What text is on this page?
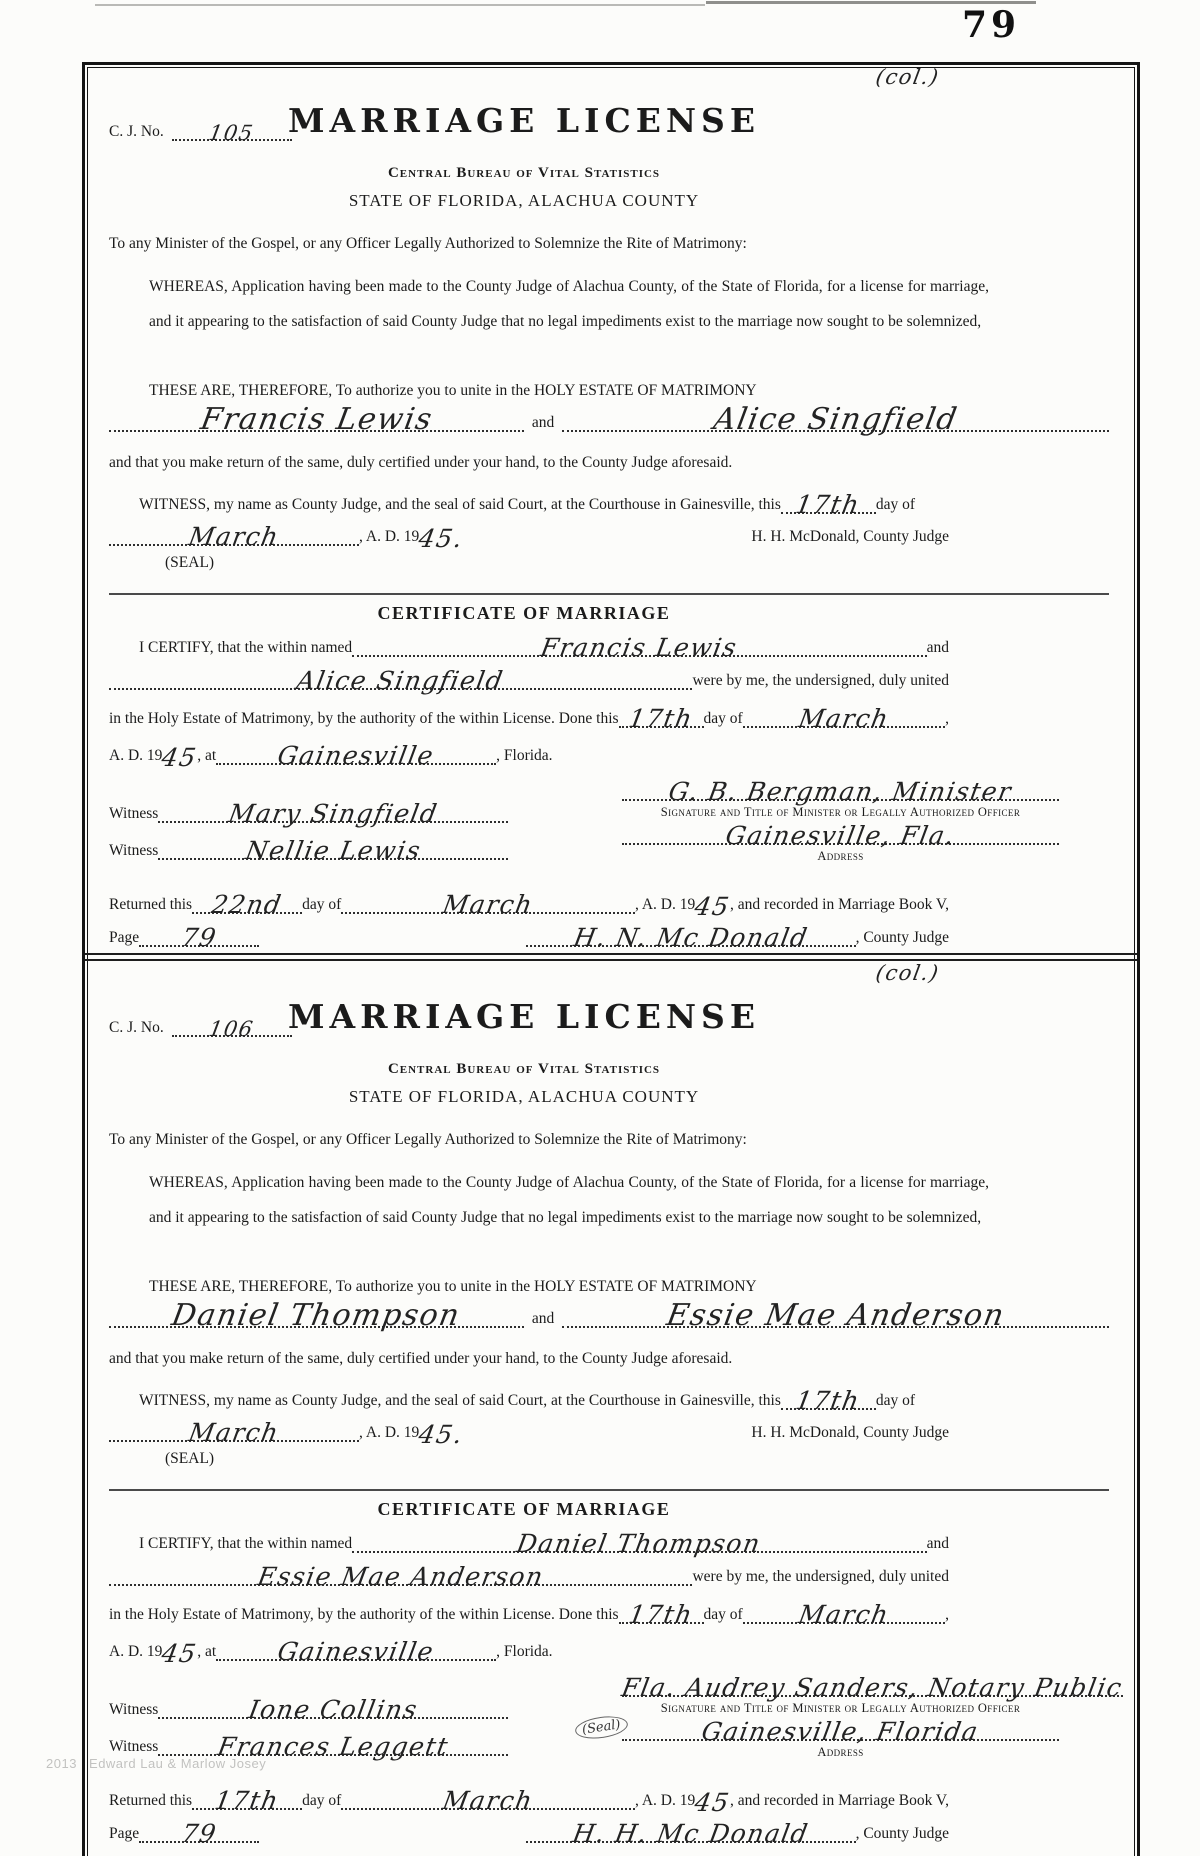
79
2013 | Edward Lau & Marlow Josey
(col.)
C. J. No. 105 MARRIAGE LICENSE
Central Bureau of Vital Statistics
STATE OF FLORIDA, ALACHUA COUNTY
To any Minister of the Gospel, or any Officer Legally Authorized to Solemnize the Rite of Matrimony:
WHEREAS, Application having been made to the County Judge of Alachua County, of the State of Florida, for a license for marriage, and it appearing to the satisfaction of said County Judge that no legal impediments exist to the marriage now sought to be solemnized,
THESE ARE, THEREFORE, To authorize you to unite in the HOLY ESTATE OF MATRIMONY
Francis Lewis	and	Alice Singfield
and that you make return of the same, duly certified under your hand, to the County Judge aforesaid.
WITNESS, my name as County Judge, and the seal of said Court, at the Courthouse in Gainesville, this 17th day of
March	, A. D. 19
45.	H. H. McDonald, County Judge
(SEAL)
CERTIFICATE OF MARRIAGE
I CERTIFY, that the within named	Francis Lewis	and
Alice Singfield	were by me, the undersigned, duly united
in the Holy Estate of Matrimony, by the authority of the within License. Done this 17th day of March	,
A. D. 19
45
, at Gainesville	, Florida.
G. B. Bergman, Minister
Signature and Title of Minister or Legally Authorized Officer
Witness	Mary Singfield
Gainesville, Fla.
Address
Witness	Nellie Lewis
Returned this 22nd day of	March	, A. D. 19
45
, and recorded in Marriage Book V,
Page 79	H. N. Mc Donald	, County Judge
(col.)
C. J. No. 106 MARRIAGE LICENSE
Central Bureau of Vital Statistics
STATE OF FLORIDA, ALACHUA COUNTY
To any Minister of the Gospel, or any Officer Legally Authorized to Solemnize the Rite of Matrimony:
WHEREAS, Application having been made to the County Judge of Alachua County, of the State of Florida, for a license for marriage, and it appearing to the satisfaction of said County Judge that no legal impediments exist to the marriage now sought to be solemnized,
THESE ARE, THEREFORE, To authorize you to unite in the HOLY ESTATE OF MATRIMONY
Daniel Thompson	and	Essie Mae Anderson
and that you make return of the same, duly certified under your hand, to the County Judge aforesaid.
WITNESS, my name as County Judge, and the seal of said Court, at the Courthouse in Gainesville, this 17th day of
March	, A. D. 19
45.	H. H. McDonald, County Judge
(SEAL)
CERTIFICATE OF MARRIAGE
I CERTIFY, that the within named	Daniel Thompson	and
Essie Mae Anderson	were by me, the undersigned, duly united
in the Holy Estate of Matrimony, by the authority of the within License. Done this 17th day of March	,
A. D. 19
45
, at Gainesville	, Florida.
Fla. Audrey Sanders, Notary Public
Signature and Title of Minister or Legally Authorized Officer
Witness	Ione Collins
(Seal)	Gainesville, Florida
Address
Witness Frances Leggett
Returned this 17th day of	March	, A. D. 19
45
, and recorded in Marriage Book V,
Page 79	H. H. Mc Donald	, County Judge
